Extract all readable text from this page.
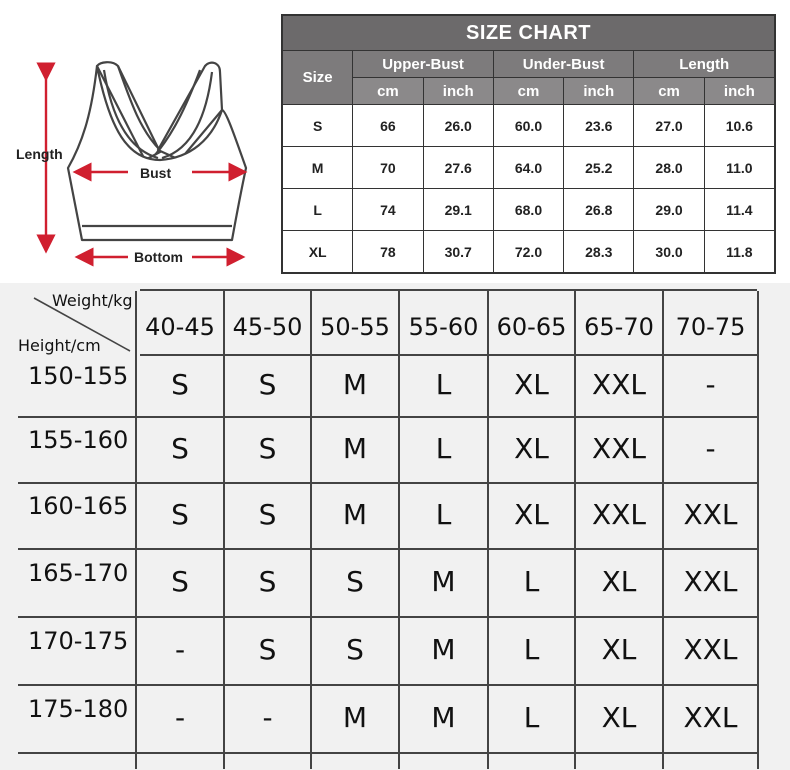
Length
Bust
Bottom
SIZE CHART						
Size	Upper-Bust		Under-Bust		Length	
	cm	inch	cm	inch	cm	inch
S	66	26.0	60.0	23.6	27.0	10.6
M	70	27.6	64.0	25.2	28.0	11.0
L	74	29.1	68.0	26.8	29.0	11.4
XL	78	30.7	72.0	28.3	30.0	11.8
Weight/kg
Height/cm
40-45 45-50 50-55 55-60 60-65 65-70 70-75
150-155	S	S	M	L	XL	XXL	-
155-160	S	S	M	L	XL	XXL	-
160-165	S	S	M	L	XL	XXL	XXL
165-170	S	S	S	M	L	XL	XXL
170-175	-	S	S	M	L	XL	XXL
175-180	-	-	M	M	L	XL	XXL
